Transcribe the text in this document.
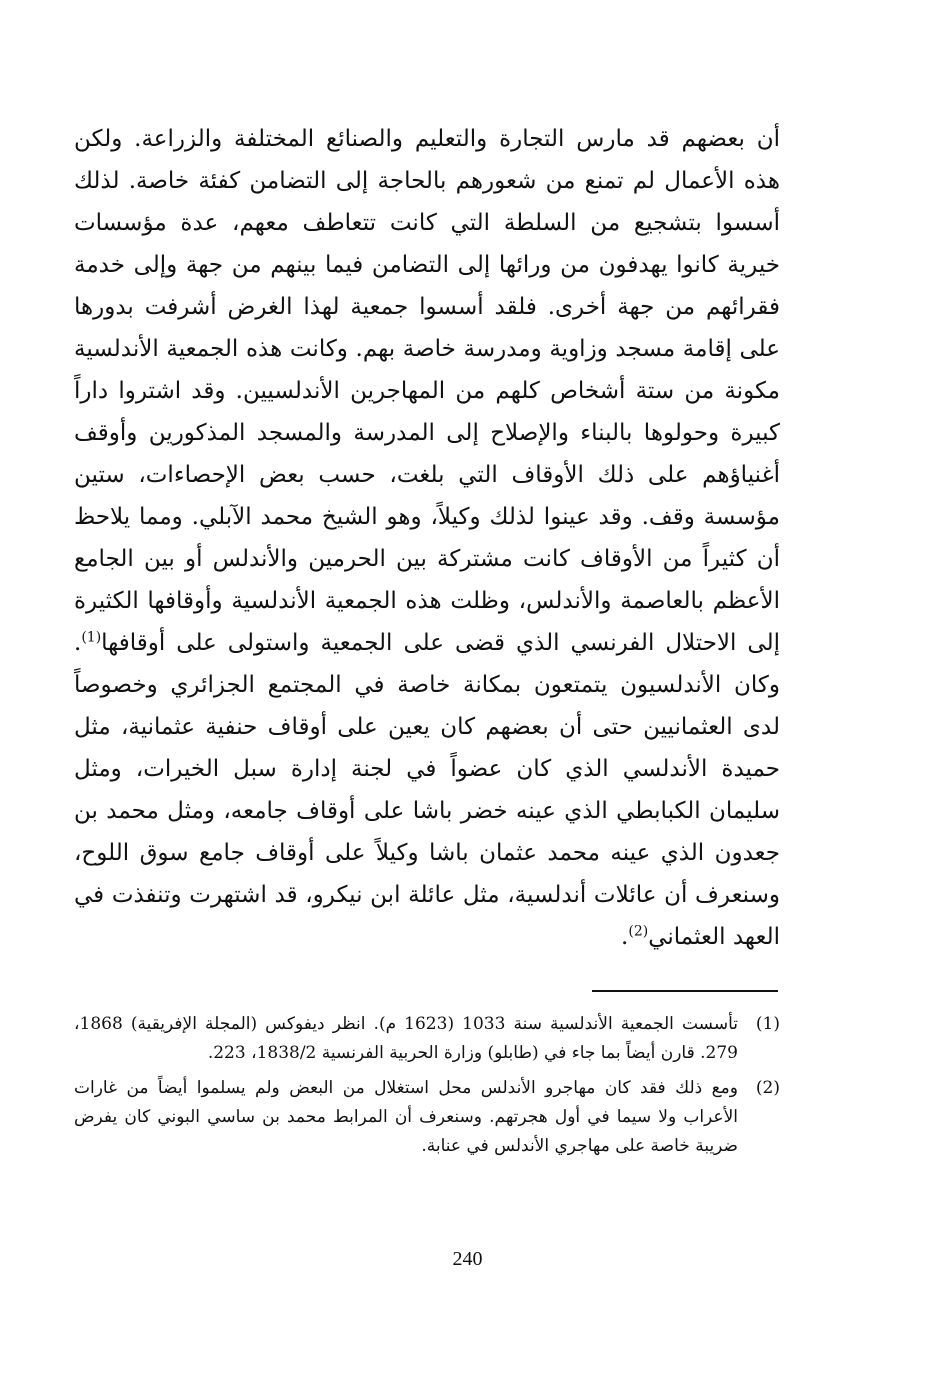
أن بعضهم قد مارس التجارة والتعليم والصنائع المختلفة والزراعة. ولكن هذه الأعمال لم تمنع من شعورهم بالحاجة إلى التضامن كفئة خاصة. لذلك أسسوا بتشجيع من السلطة التي كانت تتعاطف معهم، عدة مؤسسات خيرية كانوا يهدفون من ورائها إلى التضامن فيما بينهم من جهة وإلى خدمة فقرائهم من جهة أخرى. فلقد أسسوا جمعية لهذا الغرض أشرفت بدورها على إقامة مسجد وزاوية ومدرسة خاصة بهم. وكانت هذه الجمعية الأندلسية مكونة من ستة أشخاص كلهم من المهاجرين الأندلسيين. وقد اشتروا داراً كبيرة وحولوها بالبناء والإصلاح إلى المدرسة والمسجد المذكورين وأوقف أغنياؤهم على ذلك الأوقاف التي بلغت، حسب بعض الإحصاءات، ستين مؤسسة وقف. وقد عينوا لذلك وكيلاً، وهو الشيخ محمد الآبلي. ومما يلاحظ أن كثيراً من الأوقاف كانت مشتركة بين الحرمين والأندلس أو بين الجامع الأعظم بالعاصمة والأندلس، وظلت هذه الجمعية الأندلسية وأوقافها الكثيرة إلى الاحتلال الفرنسي الذي قضى على الجمعية واستولى على أوقافها$^{(1)}$. وكان الأندلسيون يتمتعون بمكانة خاصة في المجتمع الجزائري وخصوصاً لدى العثمانيين حتى أن بعضهم كان يعين على أوقاف حنفية عثمانية، مثل حميدة الأندلسي الذي كان عضواً في لجنة إدارة سبل الخيرات، ومثل سليمان الكبابطي الذي عينه خضر باشا على أوقاف جامعه، ومثل محمد بن جعدون الذي عينه محمد عثمان باشا وكيلاً على أوقاف جامع سوق اللوح، وسنعرف أن عائلات أندلسية، مثل عائلة ابن نيكرو، قد اشتهرت وتنفذت في العهد العثماني$^{(2)}$.

(1)
تأسست الجمعية الأندلسية سنة 1033 (1623 م). انظر ديفوكس (المجلة الإفريقية) 1868، 279. قارن أيضاً بما جاء في (طابلو) وزارة الحربية الفرنسية 1838/2، 223.
(2)
ومع ذلك فقد كان مهاجرو الأندلس محل استغلال من البعض ولم يسلموا أيضاً من غارات الأعراب ولا سيما في أول هجرتهم. وسنعرف أن المرابط محمد بن ساسي البوني كان يفرض ضريبة خاصة على مهاجري الأندلس في عنابة.
240
